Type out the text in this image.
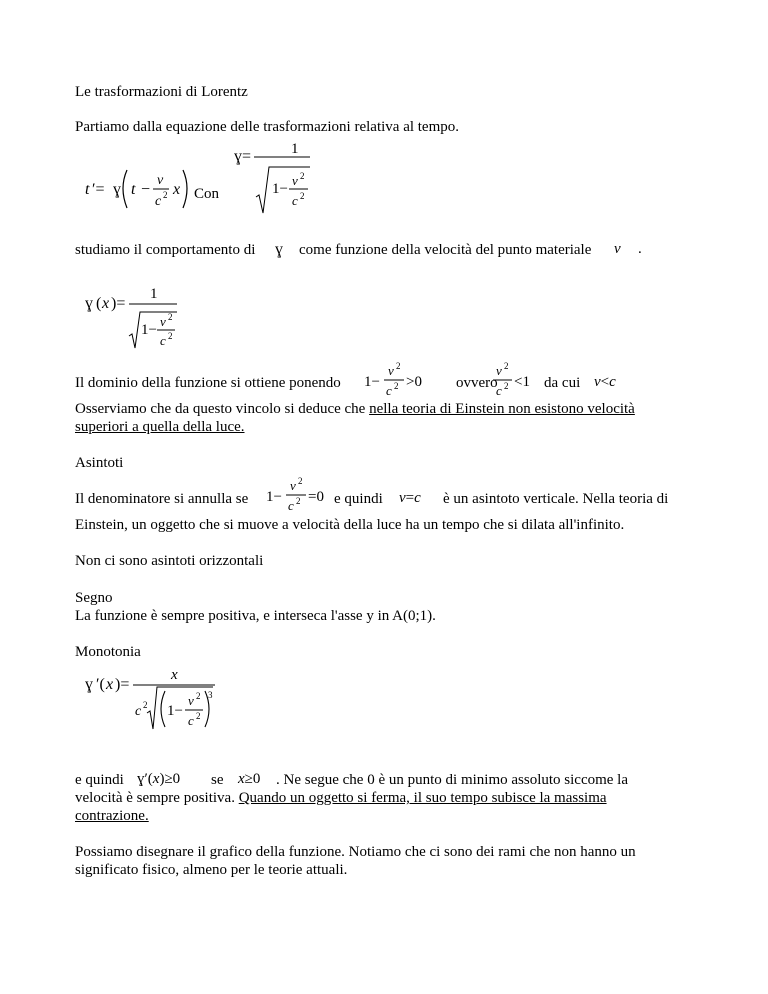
Le trasformazioni di Lorentz
Partiamo dalla equazione delle trasformazioni relativa al tempo.
t ′= ɣ t −
v
c 2 x Con
ɣ=	1
1−
v 2
c 2
studiamo il comportamento di ɣ come funzione della velocità del punto materiale v .
ɣ ( x )=
1
1−
v 2
c 2
Il dominio della funzione si ottiene ponendo 1−
v 2
c 2 >0 ovvero
v 2
c 2 <1 da cui v<c
Osserviamo che da questo vincolo si deduce che nella teoria di Einstein non esistono velocità
superiori a quella della luce.
Asintoti
Il denominatore si annulla se 1−
v 2
c 2 =0 e quindi v=c è un asintoto verticale. Nella teoria di
Einstein, un oggetto che si muove a velocità della luce ha un tempo che si dilata all'infinito.
Non ci sono asintoti orizzontali
Segno
La funzione è sempre positiva, e interseca l'asse y in A(0;1).
Monotonia
ɣ ′( x )=
x
c 2 1−
v 2
c 2
3
e quindi ɣ′(x)≥0 se x≥0 . Ne segue che 0 è un punto di minimo assoluto siccome la
velocità è sempre positiva. Quando un oggetto si ferma, il suo tempo subisce la massima
contrazione.
Possiamo disegnare il grafico della funzione. Notiamo che ci sono dei rami che non hanno un
significato fisico, almeno per le teorie attuali.
